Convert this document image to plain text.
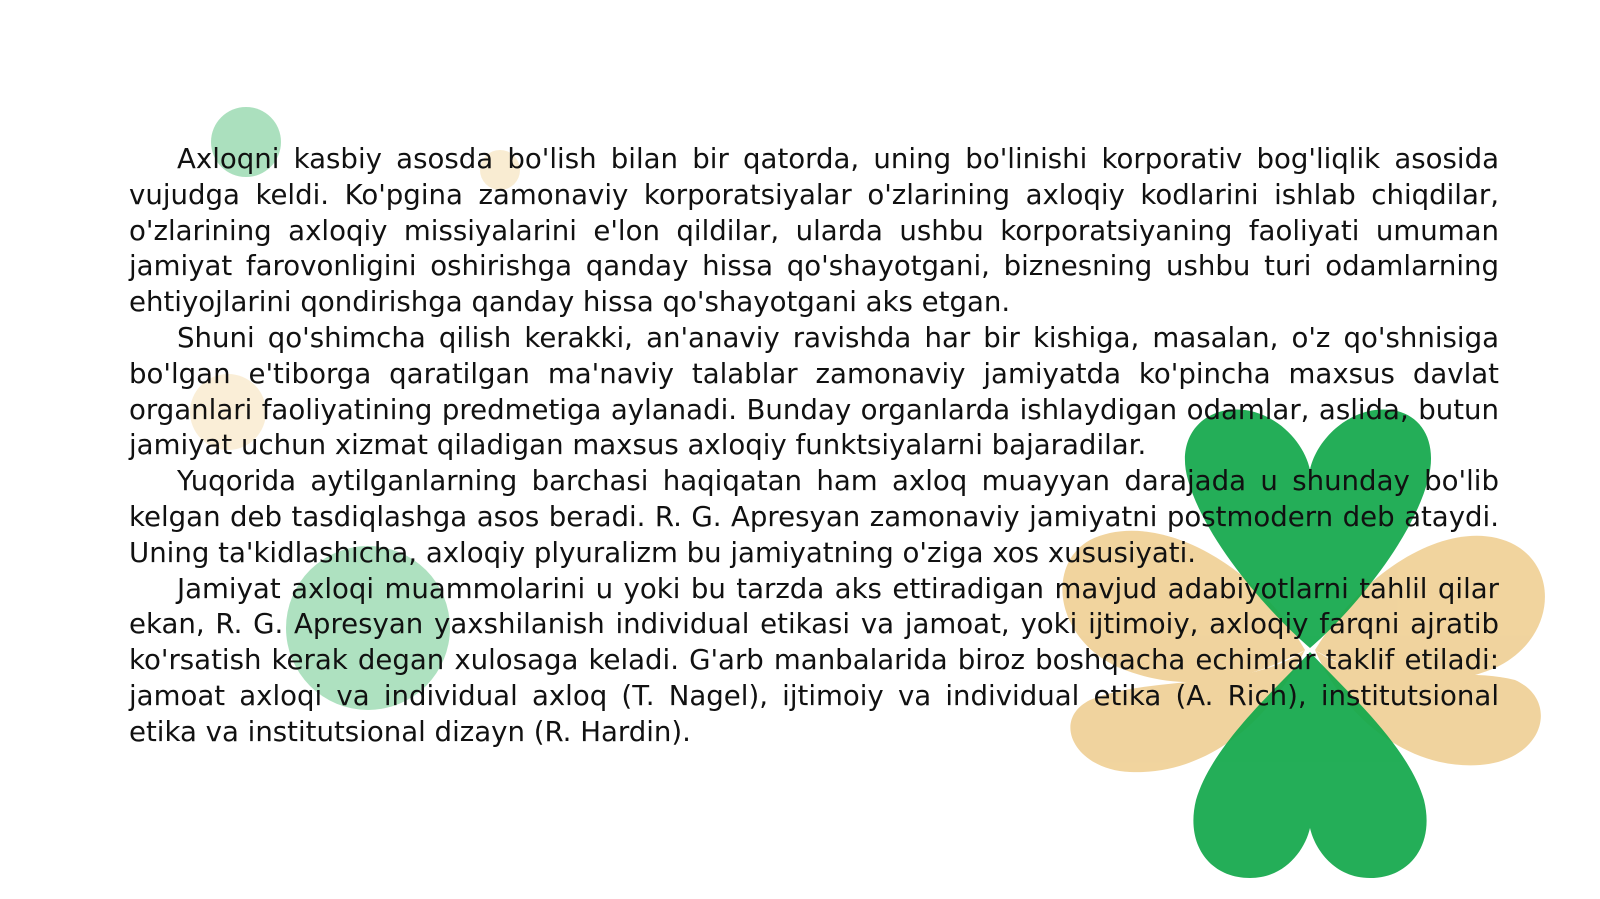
Axloqni kasbiy asosda bo'lish bilan bir qatorda, uning bo'linishi korporativ bog'liqlik asosida vujudga keldi. Ko'pgina zamonaviy korporatsiyalar o'zlarining axloqiy kodlarini ishlab chiqdilar, o'zlarining axloqiy missiyalarini e'lon qildilar, ularda ushbu korporatsiyaning faoliyati umuman jamiyat farovonligini oshirishga qanday hissa qo'shayotgani, biznesning ushbu turi odamlarning ehtiyojlarini qondirishga qanday hissa qo'shayotgani aks etgan.

Shuni qo'shimcha qilish kerakki, an'anaviy ravishda har bir kishiga, masalan, o'z qo'shnisiga bo'lgan e'tiborga qaratilgan ma'naviy talablar zamonaviy jamiyatda ko'pincha maxsus davlat organlari faoliyatining predmetiga aylanadi. Bunday organlarda ishlaydigan odamlar, aslida, butun jamiyat uchun xizmat qiladigan maxsus axloqiy funktsiyalarni bajaradilar.

Yuqorida aytilganlarning barchasi haqiqatan ham axloq muayyan darajada u shunday bo'lib kelgan deb tasdiqlashga asos beradi. R. G. Apresyan zamonaviy jamiyatni postmodern deb ataydi. Uning ta'kidlashicha, axloqiy plyuralizm bu jamiyatning o'ziga xos xususiyati.

Jamiyat axloqi muammolarini u yoki bu tarzda aks ettiradigan mavjud adabiyotlarni tahlil qilar ekan, R. G. Apresyan yaxshilanish individual etikasi va jamoat, yoki ijtimoiy, axloqiy farqni ajratib ko'rsatish kerak degan xulosaga keladi. G'arb manbalarida biroz boshqacha echimlar taklif etiladi: jamoat axloqi va individual axloq (T. Nagel), ijtimoiy va individual etika (A. Rich), institutsional etika va institutsional dizayn (R. Hardin).
